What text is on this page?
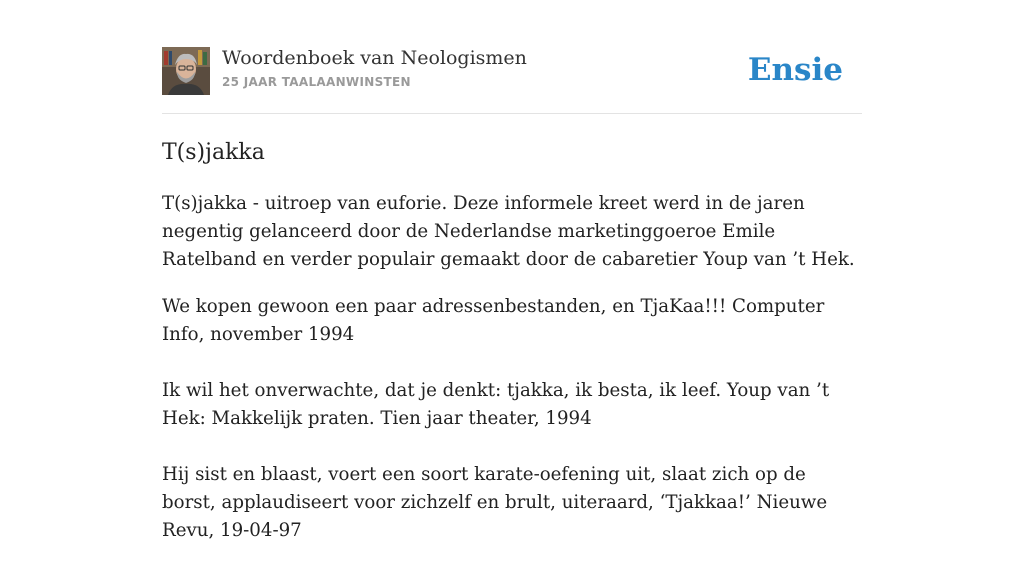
Woordenboek van Neologismen
25 JAAR TAALAANWINSTEN	Ensie
T(s)jakka

T(s)jakka - uitroep van euforie. Deze informele kreet werd in de jaren negentig gelanceerd door de Nederlandse marketinggoeroe Emile Ratelband en verder populair gemaakt door de cabaretier Youp van ’t Hek.

We kopen gewoon een paar adressenbestanden, en TjaKaa!!! Computer Info, november 1994

Ik wil het onverwachte, dat je denkt: tjakka, ik besta, ik leef. Youp van ’t Hek: Makkelijk praten. Tien jaar theater, 1994

Hij sist en blaast, voert een soort karate-oefening uit, slaat zich op de borst, applaudiseert voor zichzelf en brult, uiteraard, ‘Tjakkaa!’ Nieuwe Revu, 19-04-97
